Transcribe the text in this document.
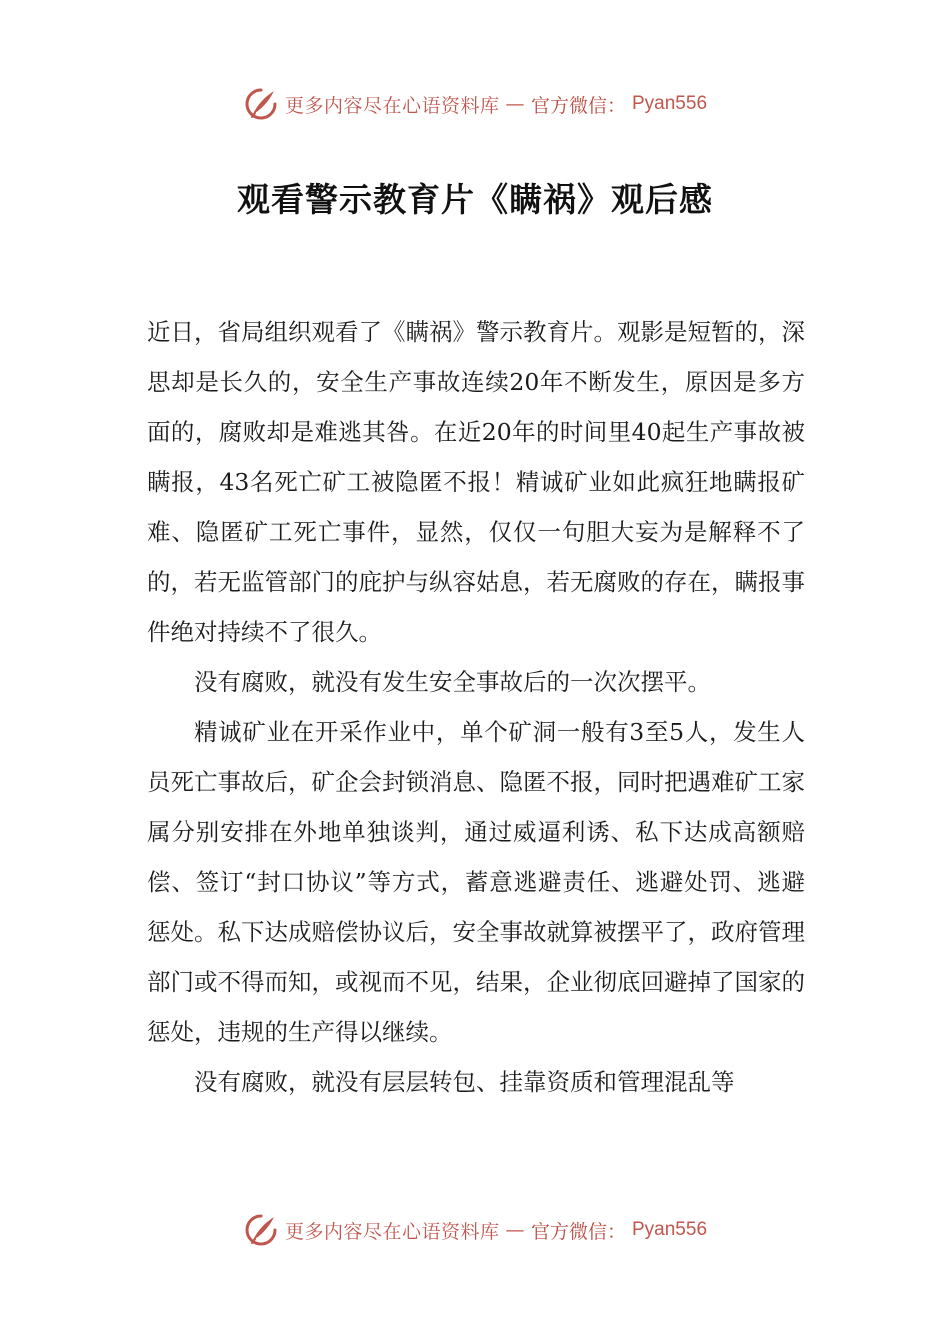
更多内容尽在心语资料库 — 官方微信： Pyan556
观看警示教育片《瞒祸》观后感

近日，省局组织观看了《瞒祸》警示教育片。观影是短暂的，深思却是长久的，安全生产事故连续20年不断发生，原因是多方面的，腐败却是难逃其咎。在近20年的时间里40起生产事故被瞒报，43名死亡矿工被隐匿不报！精诚矿业如此疯狂地瞒报矿难、隐匿矿工死亡事件，显然，仅仅一句胆大妄为是解释不了的，若无监管部门的庇护与纵容姑息，若无腐败的存在，瞒报事件绝对持续不了很久。

没有腐败，就没有发生安全事故后的一次次摆平。

精诚矿业在开采作业中，单个矿洞一般有3至5人，发生人员死亡事故后，矿企会封锁消息、隐匿不报，同时把遇难矿工家属分别安排在外地单独谈判，通过威逼利诱、私下达成高额赔偿、签订“封口协议”等方式，蓄意逃避责任、逃避处罚、逃避惩处。私下达成赔偿协议后，安全事故就算被摆平了，政府管理部门或不得而知，或视而不见，结果，企业彻底回避掉了国家的惩处，违规的生产得以继续。

没有腐败，就没有层层转包、挂靠资质和管理混乱等

更多内容尽在心语资料库 — 官方微信： Pyan556
